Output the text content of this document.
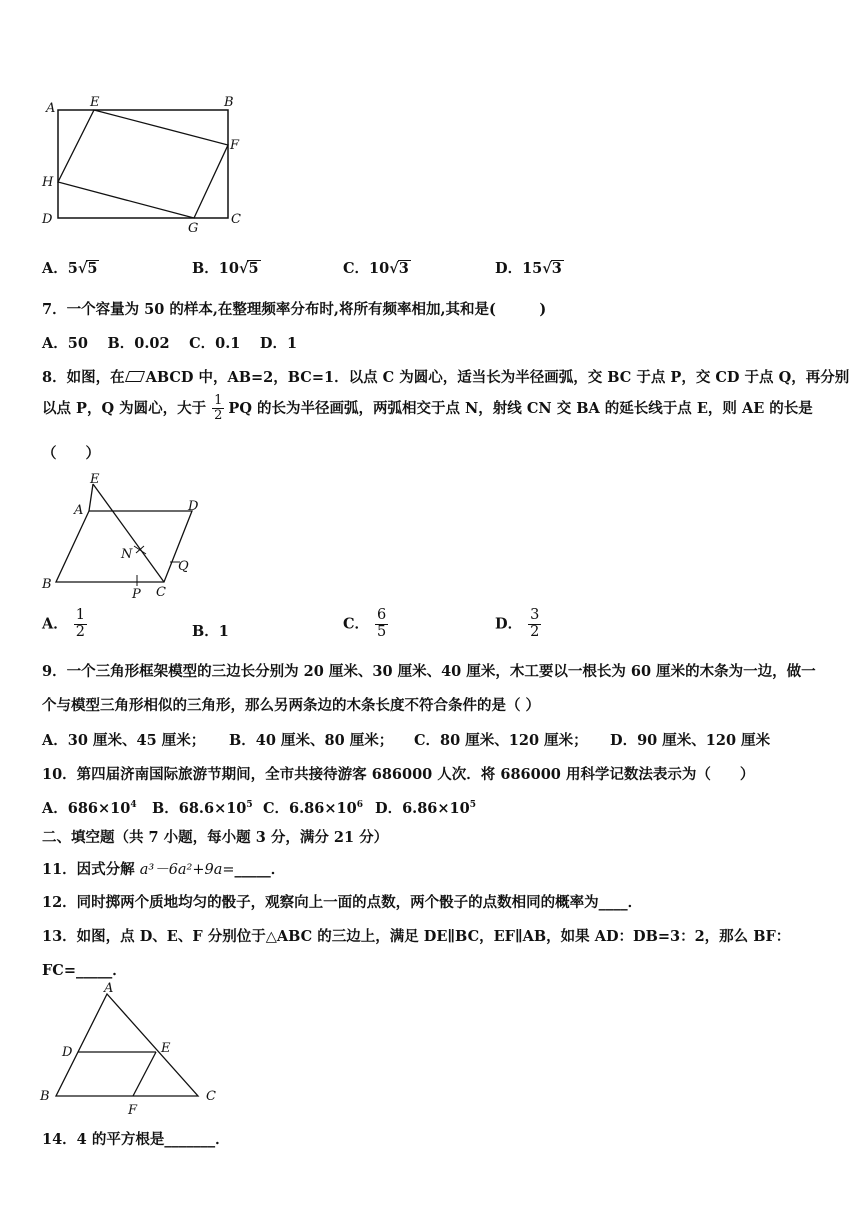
A	E	B
F
H
D
G
C
A．5√5	B．10√5	C．10√3	D．15√3
7．一个容量为 50 的样本,在整理频率分布时,将所有频率相加,其和是(　　　)
A．50　 B．0.02　 C．0.1　 D．1
8．如图，在 ABCD 中，AB=2，BC=1．以点 C 为圆心，适当长为半径画弧，交 BC 于点 P，交 CD 于点 Q，再分别
以点 P，Q 为圆心，大于 $\frac{1}{2}$ PQ 的长为半径画弧，两弧相交于点 N，射线 CN 交 BA 的延长线于点 E，则 AE 的长是
（　　）
E
A	D
N
Q
B
P C
A． $\frac{1}{2}$	B．1	C． $\frac{6}{5}$	D． $\frac{3}{2}$
9．一个三角形框架模型的三边长分别为 20 厘米、30 厘米、40 厘米，木工要以一根长为 60 厘米的木条为一边，做一
个与模型三角形相似的三角形，那么另两条边的木条长度不符合条件的是（ ）
A．30 厘米、45 厘米； B．40 厘米、80 厘米； C．80 厘米、120 厘米； D．90 厘米、120 厘米
10．第四届济南国际旅游节期间，全市共接待游客 686000 人次．将 686000 用科学记数法表示为（　　）
A．$686\times 10^4$ B．$68.6\times 10^5$ C．$6.86\times 10^6$ D．$6.86\times 10^5$
二、填空题（共 7 小题，每小题 3 分，满分 21 分）
11．因式分解 a³－6a²+9a=_____．
12．同时掷两个质地均匀的骰子，观察向上一面的点数，两个骰子的点数相同的概率为____．
13．如图，点 D、E、F 分别位于△ABC 的三边上，满足 DE∥BC，EF∥AB，如果 AD：DB=3：2，那么 BF：
FC=_____．
A
D	E
B
F
C
14．4 的平方根是_______．
